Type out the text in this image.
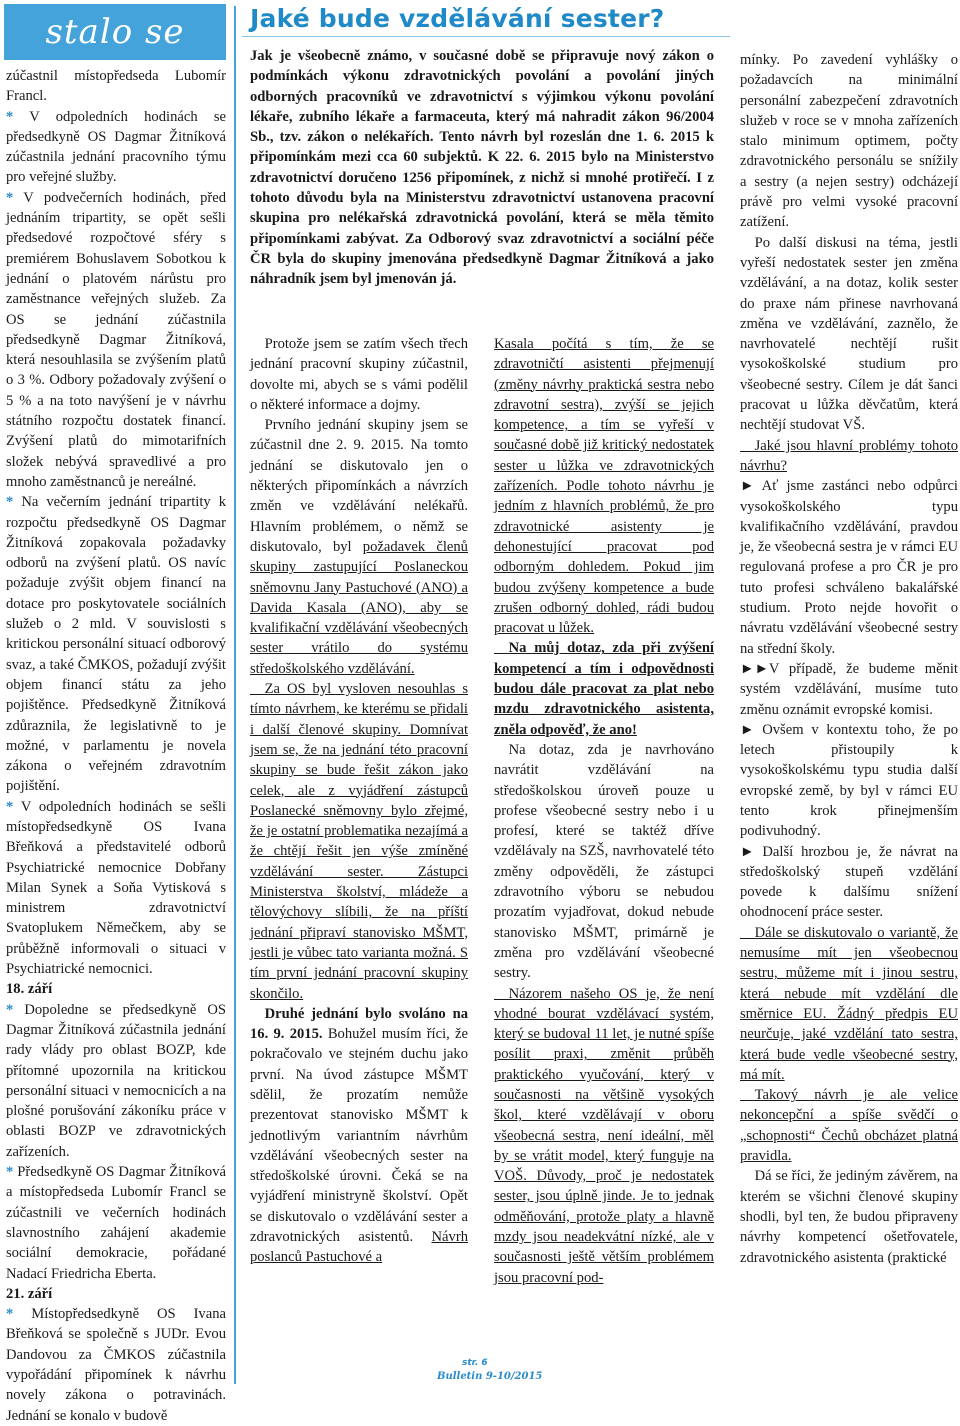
stalo se

zúčastnil místopředseda Lubomír Francl.

* V odpoledních hodinách se předsedkyně OS Dagmar Žitníková zúčastnila jednání pracovního týmu pro veřejné služby.

* V podvečerních hodinách, před jednáním tripartity, se opět sešli předsedové rozpočtové sféry s premiérem Bohuslavem Sobotkou k jednání o platovém nárůstu pro zaměstnance veřejných služeb. Za OS se jednání zúčastnila předsedkyně Dagmar Žitníková, která nesouhlasila se zvýšením platů o 3 %. Odbory požadovaly zvýšení o 5 % a na toto navýšení je v návrhu státního rozpočtu dostatek financí. Zvýšení platů do mimotarifních složek nebývá spravedlivé a pro mnoho zaměstnanců je nereálné.

* Na večerním jednání tripartity k rozpočtu předsedkyně OS Dagmar Žitníková zopakovala požadavky odborů na zvýšení platů. OS navíc požaduje zvýšit objem financí na dotace pro poskytovatele sociálních služeb o 2 mld. V souvislosti s kritickou personální situací odborový svaz, a také ČMKOS, požadují zvýšit objem financí státu za jeho pojištěnce. Předsedkyně Žitníková zdůraznila, že legislativně to je možné, v parlamentu je novela zákona o veřejném zdravotním pojištění.

* V odpoledních hodinách se sešli místopředsedkyně OS Ivana Břeňková a představitelé odborů Psychiatrické nemocnice Dobřany Milan Synek a Soňa Vytisková s ministrem zdravotnictví Svatoplukem Němečkem, aby se průběžně informovali o situaci v Psychiatrické nemocnici.

18. září

* Dopoledne se předsedkyně OS Dagmar Žitníková zúčastnila jednání rady vlády pro oblast BOZP, kde přítomné upozornila na kritickou personální situaci v nemocnicích a na plošné porušování zákoníku práce v oblasti BOZP ve zdravotnických zařízeních.

* Předsedkyně OS Dagmar Žitníková a místopředseda Lubomír Francl se zúčastnili ve večerních hodinách slavnostního zahájení akademie sociální demokracie, pořádané Nadací Friedricha Eberta.

21. září

* Místopředsedkyně OS Ivana Břeňková se společně s JUDr. Evou Dandovou za ČMKOS zúčastnila vypořádání připomínek k návrhu novely zákona o potravinách. Jednání se konalo v budově

Jaké bude vzdělávání sester?

Jak je všeobecně známo, v současné době se připravuje nový zákon o podmínkách výkonu zdravotnických povolání a povolání jiných odborných pracovníků ve zdravotnictví s výjimkou výkonu povolání lékaře, zubního lékaře a farmaceuta, který má nahradit zákon 96/2004 Sb., tzv. zákon o nelékařích. Tento návrh byl rozeslán dne 1. 6. 2015 k připomínkám mezi cca 60 subjektů. K 22. 6. 2015 bylo na Ministerstvo zdravotnictví doručeno 1256 připomínek, z nichž si mnohé protiřečí. I z tohoto důvodu byla na Ministerstvu zdravotnictví ustanovena pracovní skupina pro nelékařská zdravotnická povolání, která se měla těmito připomínkami zabývat. Za Odborový svaz zdravotnictví a sociální péče ČR byla do skupiny jmenována předsedkyně Dagmar Žitníková a jako náhradník jsem byl jmenován já.

 Protože jsem se zatím všech třech jednání pracovní skupiny zúčastnil, dovolte mi, abych se s vámi podělil o některé informace a dojmy.

 Prvního jednání skupiny jsem se zúčastnil dne 2. 9. 2015. Na tomto jednání se diskutovalo jen o některých připomínkách a návrzích změn ve vzdělávání nelékařů. Hlavním problémem, o němž se diskutovalo, byl požadavek členů skupiny zastupující Poslaneckou sněmovnu Jany Pastuchové (ANO) a Davida Kasala (ANO), aby se kvalifikační vzdělávání všeobecných sester vrátilo do systému středoškolského vzdělávání.

 Za OS byl vysloven nesouhlas s tímto návrhem, ke kterému se přidali i další členové skupiny. Domnívat jsem se, že na jednání této pracovní skupiny se bude řešit zákon jako celek, ale z vyjádření zástupců Poslanecké sněmovny bylo zřejmé, že je ostatní problematika nezajímá a že chtějí řešit jen výše zmíněné vzdělávání sester. Zástupci Ministerstva školství, mládeže a tělovýchovy slíbili, že na příští jednání připraví stanovisko MŠMT, jestli je vůbec tato varianta možná. S tím první jednání pracovní skupiny skončilo.

 Druhé jednání bylo svoláno na 16. 9. 2015. Bohužel musím říci, že pokračovalo ve stejném duchu jako první. Na úvod zástupce MŠMT sdělil, že prozatím nemůže prezentovat stanovisko MŠMT k jednotlivým variantním návrhům vzdělávání všeobecných sester na středoškolské úrovni. Čeká se na vyjádření ministryně školství. Opět se diskutovalo o vzdělávání sester a zdravotnických asistentů. Návrh poslanců Pastuchové a

Kasala počítá s tím, že se zdravotničtí asistenti přejmenují (změny návrhy praktická sestra nebo zdravotní sestra), zvýší se jejich kompetence, a tím se vyřeší v současné době již kritický nedostatek sester u lůžka ve zdravotnických zařízeních. Podle tohoto návrhu je jedním z hlavních problémů, že pro zdravotnické asistenty je dehonestující pracovat pod odborným dohledem. Pokud jim budou zvýšeny kompetence a bude zrušen odborný dohled, rádi budou pracovat u lůžek.

 Na můj dotaz, zda při zvýšení kompetencí a tím i odpovědnosti budou dále pracovat za plat nebo mzdu zdravotnického asistenta, zněla odpověď, že ano!

 Na dotaz, zda je navrhováno navrátit vzdělávání na středoškolskou úroveň pouze u profese všeobecné sestry nebo i u profesí, které se taktéž dříve vzdělávaly na SZŠ, navrhovatelé této změny odpověděli, že zástupci zdravotního výboru se nebudou prozatím vyjadřovat, dokud nebude stanovisko MŠMT, primárně je změna pro vzdělávání všeobecné sestry.

 Názorem našeho OS je, že není vhodné bourat vzdělávací systém, který se budoval 11 let, je nutné spíše posílit praxi, změnit průběh praktického vyučování, který v současnosti na většině vysokých škol, které vzdělávají v oboru všeobecná sestra, není ideální, měl by se vrátit model, který funguje na VOŠ. Důvody, proč je nedostatek sester, jsou úplně jinde. Je to jednak odměňování, protože platy a hlavně mzdy jsou neadekvátní nízké, ale v současnosti ještě větším problémem jsou pracovní pod-

mínky. Po zavedení vyhlášky o požadavcích na minimální personální zabezpečení zdravotních služeb v roce se v mnoha zařízeních stalo minimum optimem, počty zdravotnického personálu se snížily a sestry (a nejen sestry) odcházejí právě pro velmi vysoké pracovní zatížení.

 Po další diskusi na téma, jestli vyřeší nedostatek sester jen změna vzdělávání, a na dotaz, kolik sester do praxe nám přinese navrhovaná změna ve vzdělávání, zaznělo, že navrhovatelé nechtějí rušit vysokoškolské studium pro všeobecné sestry. Cílem je dát šanci pracovat u lůžka děvčatům, která nechtějí studovat VŠ.

 Jaké jsou hlavní problémy tohoto návrhu?

► Ať jsme zastánci nebo odpůrci vysokoškolského typu kvalifikačního vzdělávání, pravdou je, že všeobecná sestra je v rámci EU regulovaná profese a pro ČR je pro tuto profesi schváleno bakalářské studium. Proto nejde hovořit o návratu vzdělávání všeobecné sestry na střední školy.

►►V případě, že budeme měnit systém vzdělávání, musíme tuto změnu oznámit evropské komisi.

► Ovšem v kontextu toho, že po letech přistoupily k vysokoškolskému typu studia další evropské země, by byl v rámci EU tento krok přinejmenším podivuhodný.

► Další hrozbou je, že návrat na středoškolský stupeň vzdělání povede k dalšímu snížení ohodnocení práce sester.

 Dále se diskutovalo o variantě, že nemusíme mít jen všeobecnou sestru, můžeme mít i jinou sestru, která nebude mít vzdělání dle směrnice EU. Žádný předpis EU neurčuje, jaké vzdělání tato sestra, která bude vedle všeobecné sestry, má mít.

 Takový návrh je ale velice nekoncepční a spíše svědčí o „schopnosti“ Čechů obcházet platná pravidla.

 Dá se říci, že jediným závěrem, na kterém se všichni členové skupiny shodli, byl ten, že budou připraveny návrhy kompetencí ošetřovatele, zdravotnického asistenta (praktické

str. 6
Bulletin 9-10/2015
